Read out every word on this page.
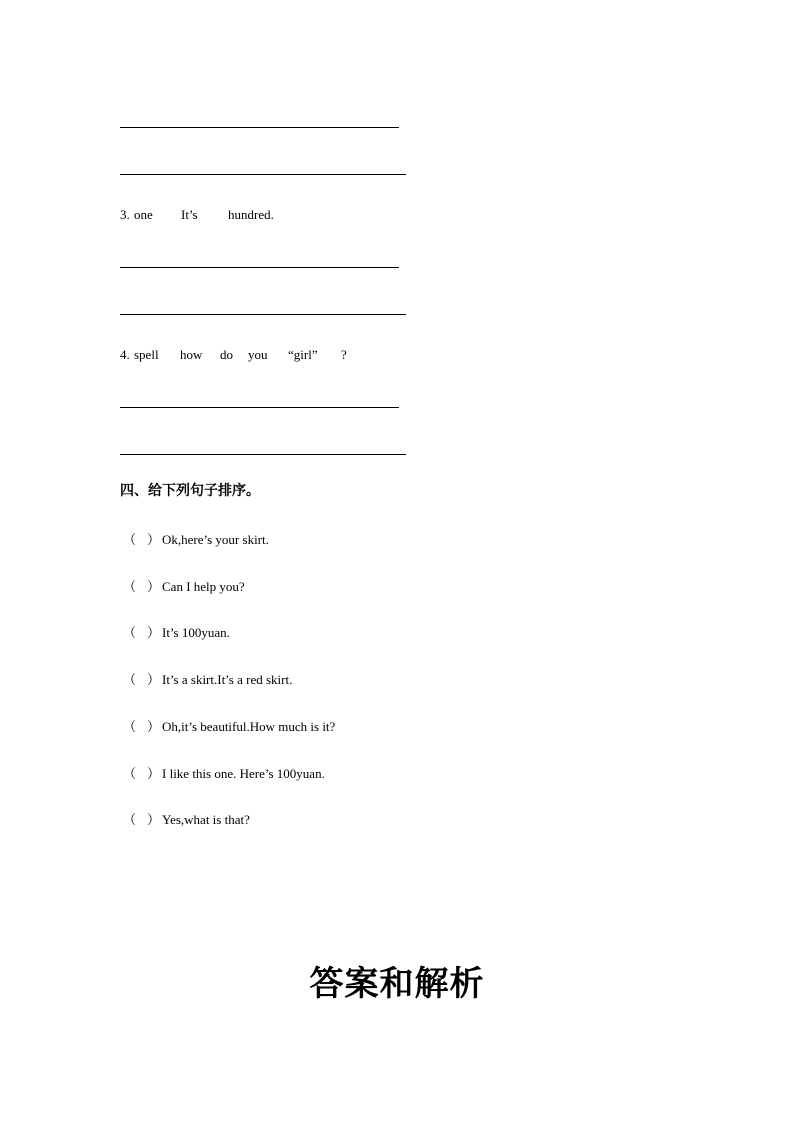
3. one It’s hundred.
4. spell how do you “girl” ?
四、给下列句子排序。
（ ） Ok,here’s your skirt.
（ ） Can I help you?
（ ） It’s 100yuan.
（ ） It’s a skirt.It’s a red skirt.
（ ） Oh,it’s beautiful.How much is it?
（ ） I like this one. Here’s 100yuan.
（ ） Yes,what is that?
答案和解析
